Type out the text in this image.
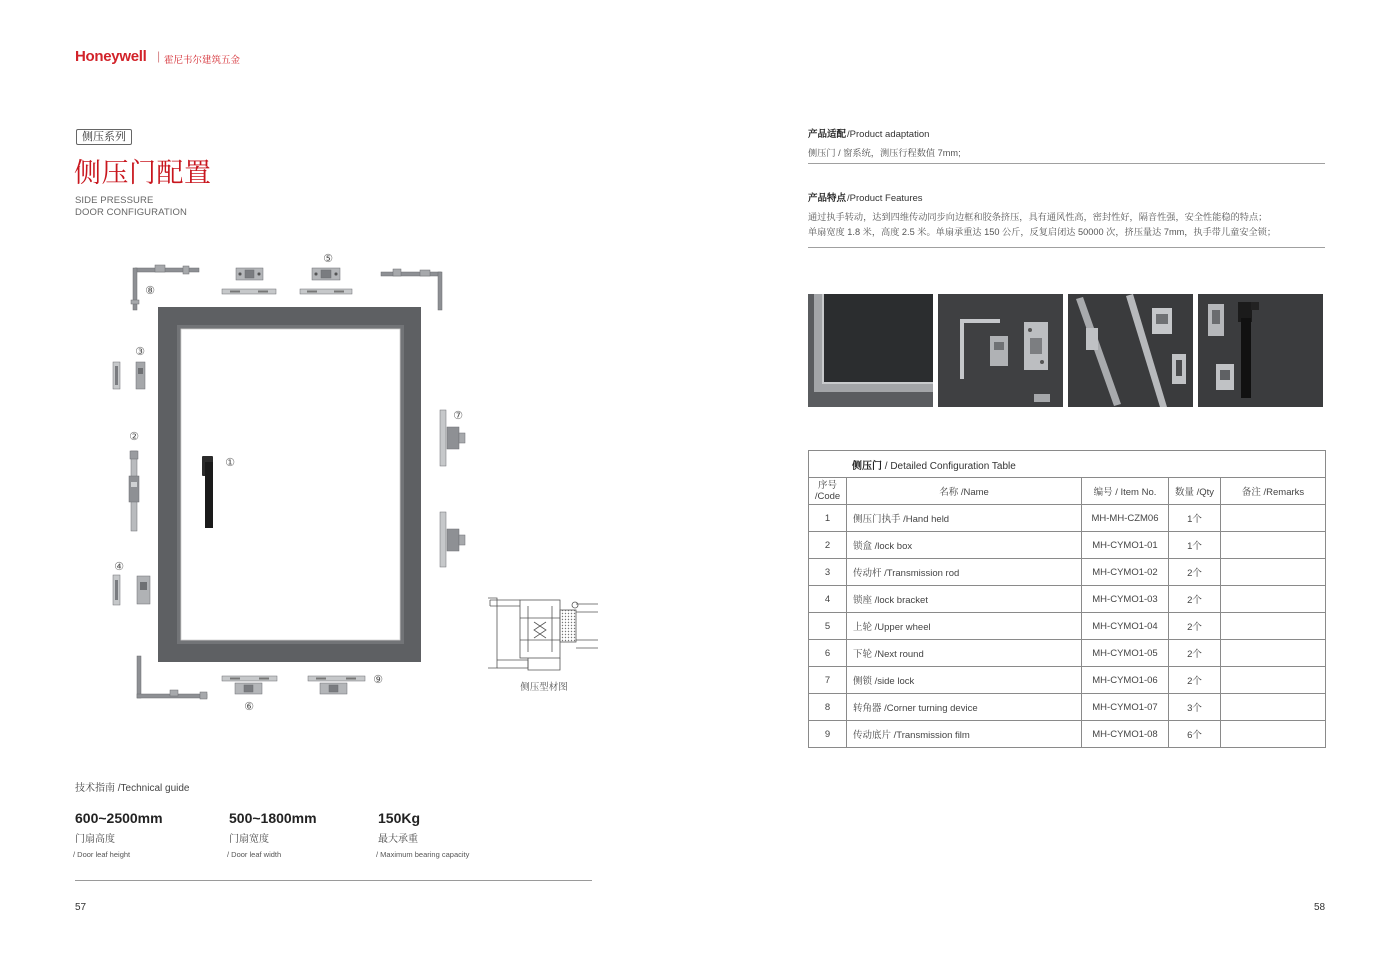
Honeywell | 霍尼韦尔建筑五金
侧压系列
侧压门配置
SIDE PRESSURE
DOOR CONFIGURATION
①
②
③
④
⑤
⑥
⑦
⑧
⑨
侧压型材图
技术指南 /Technical guide
600~2500mm
门扇高度
/ Door leaf height
500~1800mm
门扇宽度
/ Door leaf width
150Kg
最大承重
/ Maximum bearing capacity
57
产品适配/Product adaptation
侧压门 / 窗系统，测压行程数值 7mm;
产品特点/Product Features
通过执手转动，达到四维传动同步向边框和胶条挤压，具有通风性高，密封性好，隔音性强，安全性能稳的特点；
单扇宽度 1.8 米，高度 2.5 米。单扇承重达 150 公斤，反复启闭达 50000 次，挤压量达 7mm，执手带儿童安全锁；
侧压门 / Detailed Configuration Table				

序号
/Code	名称 /Name	编号 / Item No.	数量 /Qty	备注 /Remarks
1	侧压门执手 /Hand held	MH-MH-CZM06	1个	
2	锁盒 /lock box	MH-CYMO1-01	1个	
3	传动杆 /Transmission rod	MH-CYMO1-02	2个	
4	锁座 /lock bracket	MH-CYMO1-03	2个	
5	上轮 /Upper wheel	MH-CYMO1-04	2个	
6	下轮 /Next round	MH-CYMO1-05	2个	
7	侧锁 /side lock	MH-CYMO1-06	2个	
8	转角器 /Corner turning device	MH-CYMO1-07	3个	
9	传动底片 /Transmission film	MH-CYMO1-08	6个	
58
